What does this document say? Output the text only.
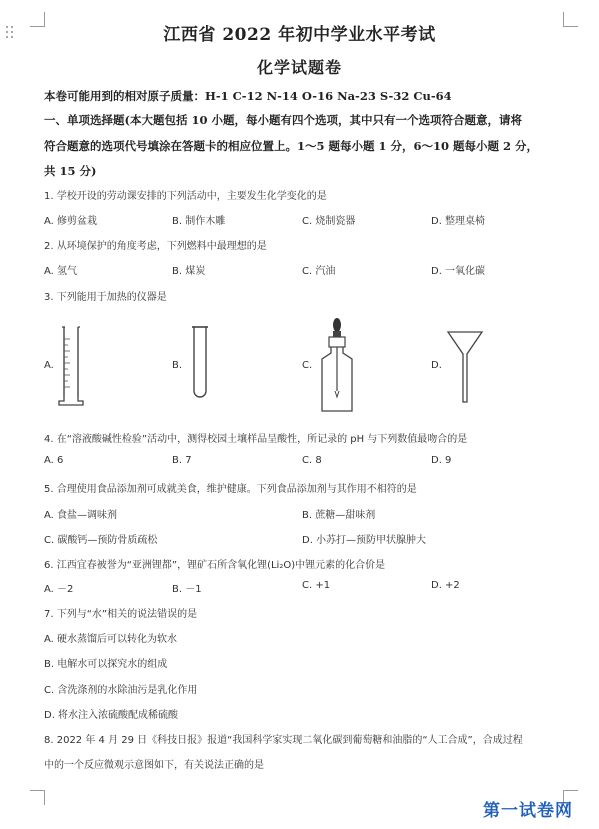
江西省 2022 年初中学业水平考试
化学试题卷
本卷可能用到的相对原子质量：H-1 C-12 N-14 O-16 Na-23 S-32 Cu-64
一、单项选择题(本大题包括 10 小题，每小题有四个选项，其中只有一个选项符合题意，请将
符合题意的选项代号填涂在答题卡的相应位置上。1～5 题每小题 1 分，6～10 题每小题 2 分，
共 15 分)
1. 学校开设的劳动课安排的下列活动中，主要发生化学变化的是
A. 修剪盆栽	B. 制作木雕	C. 烧制瓷器	D. 整理桌椅
2. 从环境保护的角度考虑，下列燃料中最理想的是
A. 氢气	B. 煤炭	C. 汽油	D. 一氧化碳
3. 下列能用于加热的仪器是
A.	B.	C.	D.
4. 在“溶液酸碱性检验”活动中，测得校园土壤样品呈酸性，所记录的 pH 与下列数值最吻合的是
A. 6	B. 7	C. 8	D. 9
5. 合理使用食品添加剂可成就美食，维护健康。下列食品添加剂与其作用不相符的是
A. 食盐—调味剂	B. 蔗糖—甜味剂
C. 碳酸钙—预防骨质疏松	D. 小苏打—预防甲状腺肿大
6. 江西宜春被誉为“亚洲锂都”，锂矿石所含氧化锂(Li₂O)中锂元素的化合价是
A. －2	B. －1	C. +1	D. +2
7. 下列与“水”相关的说法错误的是
A. 硬水蒸馏后可以转化为软水
B. 电解水可以探究水的组成
C. 含洗涤剂的水除油污是乳化作用
D. 将水注入浓硫酸配成稀硫酸
8. 2022 年 4 月 29 日《科技日报》报道“我国科学家实现二氧化碳到葡萄糖和油脂的“人工合成”，合成过程
中的一个反应微观示意图如下，有关说法正确的是
第一试卷网
